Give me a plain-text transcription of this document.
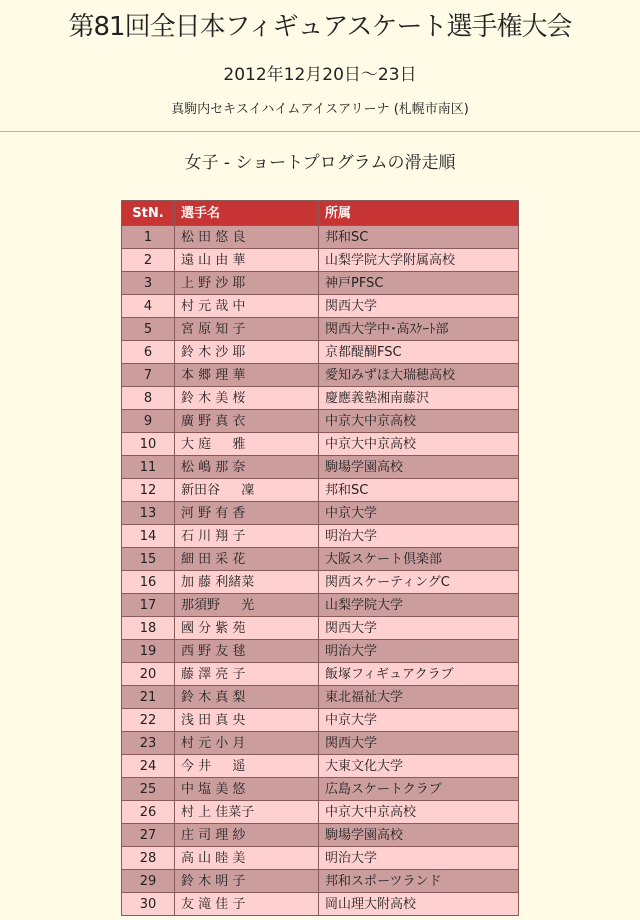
第81回全日本フィギュアスケート選手権大会
2012年12月20日〜23日
真駒内セキスイハイムアイスアリーナ (札幌市南区)
女子 - ショートプログラムの滑走順
StN.	選手名	所属
1	松 田 悠 良	邦和SC
2	遠 山 由 華	山梨学院大学附属高校
3	上 野 沙 耶	神戸PFSC
4	村 元 哉 中	関西大学
5	宮 原 知 子	関西大学中･高ｽｹｰﾄ部
6	鈴 木 沙 耶	京都醍醐FSC
7	本 郷 理 華	愛知みずほ大瑞穂高校
8	鈴 木 美 桜	慶應義塾湘南藤沢
9	廣 野 真 衣	中京大中京高校
10	大 庭 　 雅	中京大中京高校
11	松 嶋 那 奈	駒場学園高校
12	新田谷 　 凜	邦和SC
13	河 野 有 香	中京大学
14	石 川 翔 子	明治大学
15	細 田 采 花	大阪スケート倶楽部
16	加 藤 利緒菜	関西スケーティングC
17	那須野 　 光	山梨学院大学
18	國 分 紫 苑	関西大学
19	西 野 友 毬	明治大学
20	藤 澤 亮 子	飯塚フィギュアクラブ
21	鈴 木 真 梨	東北福祉大学
22	浅 田 真 央	中京大学
23	村 元 小 月	関西大学
24	今 井 　 遥	大東文化大学
25	中 塩 美 悠	広島スケートクラブ
26	村 上 佳菜子	中京大中京高校
27	庄 司 理 紗	駒場学園高校
28	高 山 睦 美	明治大学
29	鈴 木 明 子	邦和スポーツランド
30	友 滝 佳 子	岡山理大附高校
